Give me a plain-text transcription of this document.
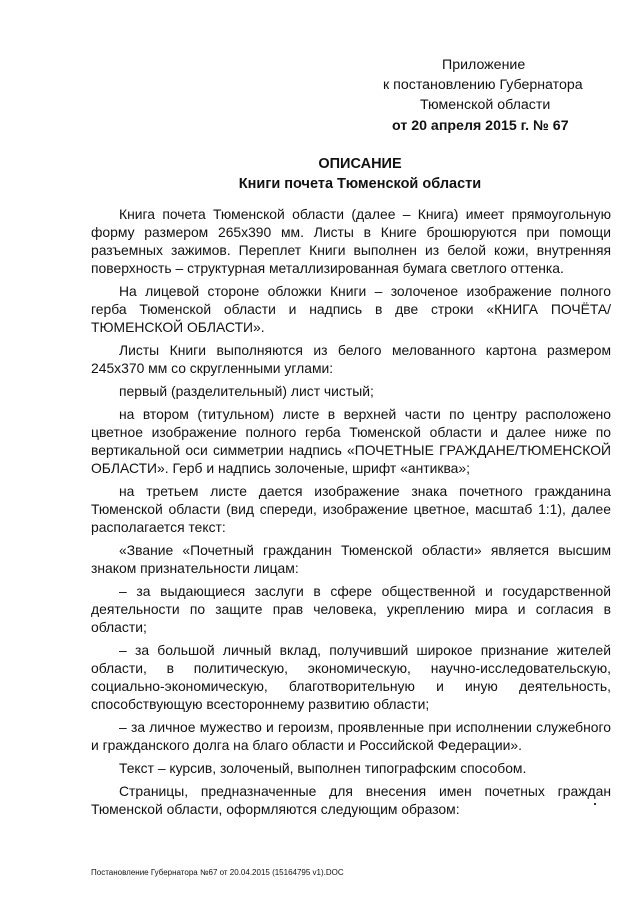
Приложение
к постановлению Губернатора
Тюменской области
от 20 апреля 2015 г. № 67
ОПИСАНИЕ
Книги почета Тюменской области

Книга почета Тюменской области (далее – Книга) имеет прямоугольную форму размером 265х390 мм. Листы в Книге брошюруются при помощи разъемных зажимов. Переплет Книги выполнен из белой кожи, внутренняя поверхность – структурная металлизированная бумага светлого оттенка.

На лицевой стороне обложки Книги – золоченое изображение полного герба Тюменской области и надпись в две строки «КНИГА ПОЧЁТА/ТЮМЕНСКОЙ ОБЛАСТИ».

Листы Книги выполняются из белого мелованного картона размером 245х370 мм со скругленными углами:

первый (разделительный) лист чистый;

на втором (титульном) листе в верхней части по центру расположено цветное изображение полного герба Тюменской области и далее ниже по вертикальной оси симметрии надпись «ПОЧЕТНЫЕ ГРАЖДАНЕ/ТЮМЕНСКОЙ ОБЛАСТИ». Герб и надпись золоченые, шрифт «антиква»;

на третьем листе дается изображение знака почетного гражданина Тюменской области (вид спереди, изображение цветное, масштаб 1:1), далее располагается текст:

«Звание «Почетный гражданин Тюменской области» является высшим знаком признательности лицам:

– за выдающиеся заслуги в сфере общественной и государственной деятельности по защите прав человека, укреплению мира и согласия в области;

– за большой личный вклад, получивший широкое признание жителей области, в политическую, экономическую, научно-исследовательскую, социально-экономическую, благотворительную и иную деятельность, способствующую всестороннему развитию области;

– за личное мужество и героизм, проявленные при исполнении служебного и гражданского долга на благо области и Российской Федерации».

Текст – курсив, золоченый, выполнен типографским способом.

Страницы, предназначенные для внесения имен почетных граждан Тюменской области, оформляются следующим образом:

Постановление Губернатора №67 от 20.04.2015 (15164795 v1).DOC
